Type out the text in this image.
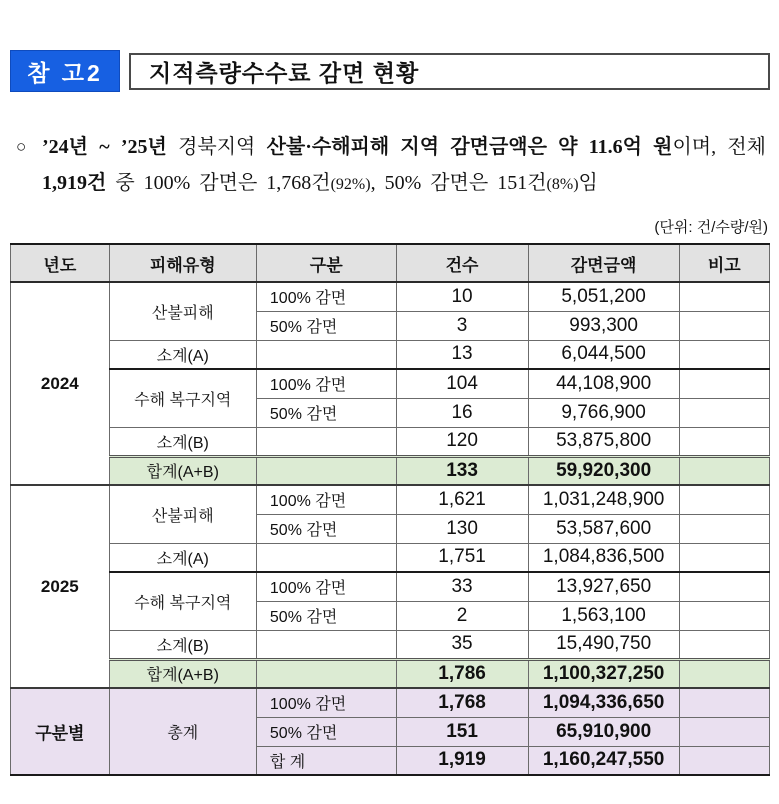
참 고2	지적측량수수료 감면 현황
○ ’24년 ~ ’25년 경북지역 산불·수해피해 지역 감면금액은 약 11.6억 원이며, 전체 1,919건 중 100% 감면은 1,768건(92%), 50% 감면은 151건(8%)임
(단위: 건/수량/원)
년도	피해유형	구분	건수	감면금액	비고
2024	산불피해	100% 감면	10	5,051,200	
		50% 감면	3	993,300	
	소계(A)		13	6,044,500	
	수해 복구지역	100% 감면	104	44,108,900	
		50% 감면	16	9,766,900	
	소계(B)		120	53,875,800	
	합계(A+B)		133	59,920,300	
2025	산불피해	100% 감면	1,621	1,031,248,900	
		50% 감면	130	53,587,600	
	소계(A)		1,751	1,084,836,500	
	수해 복구지역	100% 감면	33	13,927,650	
		50% 감면	2	1,563,100	
	소계(B)		35	15,490,750	
	합계(A+B)		1,786	1,100,327,250	
구분별	총계	100% 감면	1,768	1,094,336,650	
		50% 감면	151	65,910,900	
		합 계	1,919	1,160,247,550	
